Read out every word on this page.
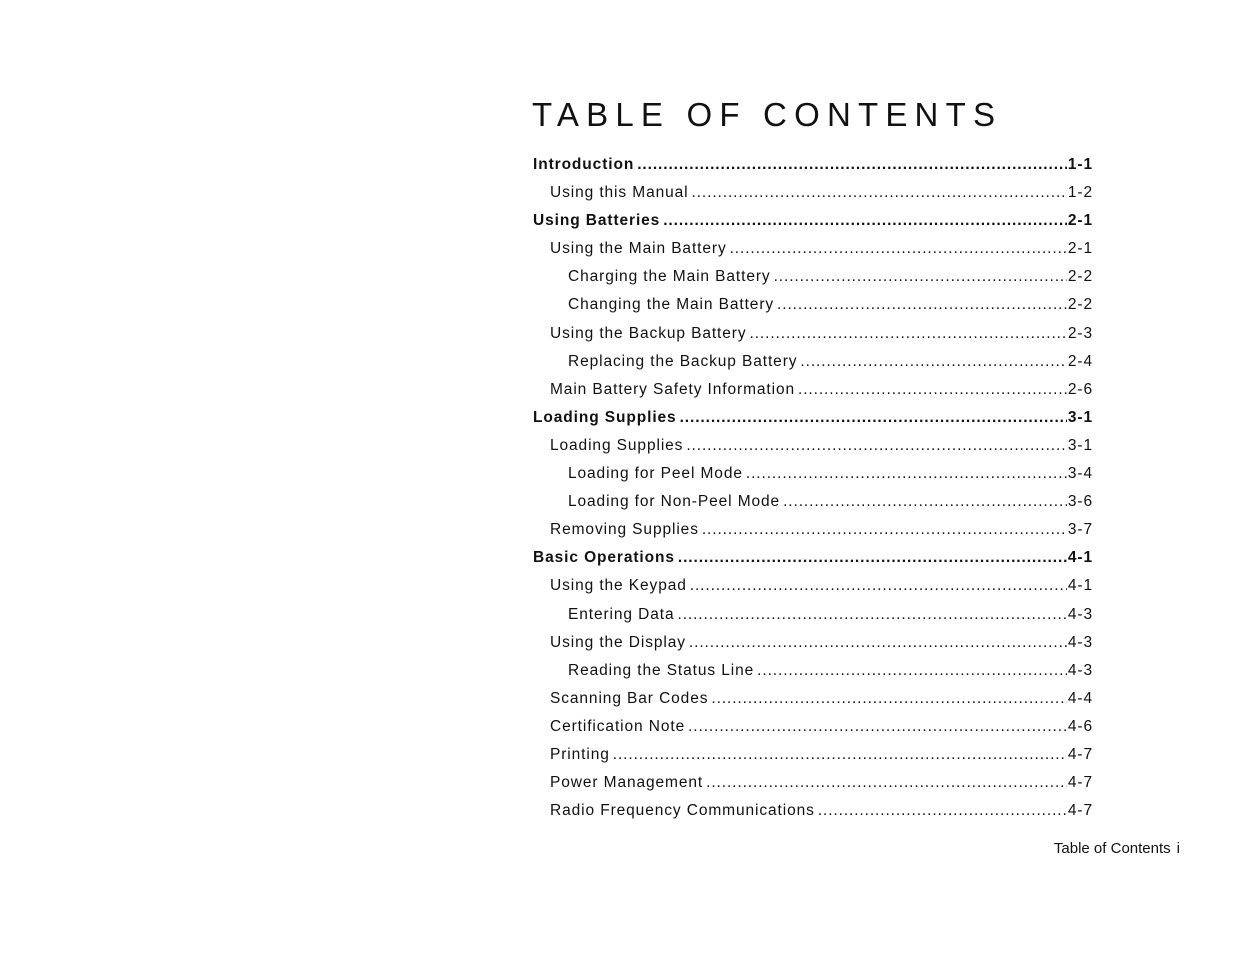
TABLE OF CONTENTS
Introduction .....	1-1
Using this Manual .....	1-2
Using Batteries .....	2-1
Using the Main Battery .....	2-1
Charging the Main Battery .....	2-2
Changing the Main Battery .....	2-2
Using the Backup Battery .....	2-3
Replacing the Backup Battery .....	2-4
Main Battery Safety Information .....	2-6
Loading Supplies .....	3-1
Loading Supplies .....	3-1
Loading for Peel Mode .....	3-4
Loading for Non-Peel Mode .....	3-6
Removing Supplies .....	3-7
Basic Operations .....	4-1
Using the Keypad .....	4-1
Entering Data .....	4-3
Using the Display .....	4-3
Reading the Status Line .....	4-3
Scanning Bar Codes .....	4-4
Certification Note .....	4-6
Printing .....	4-7
Power Management .....	4-7
Radio Frequency Communications .....	4-7
Table of Contents i
